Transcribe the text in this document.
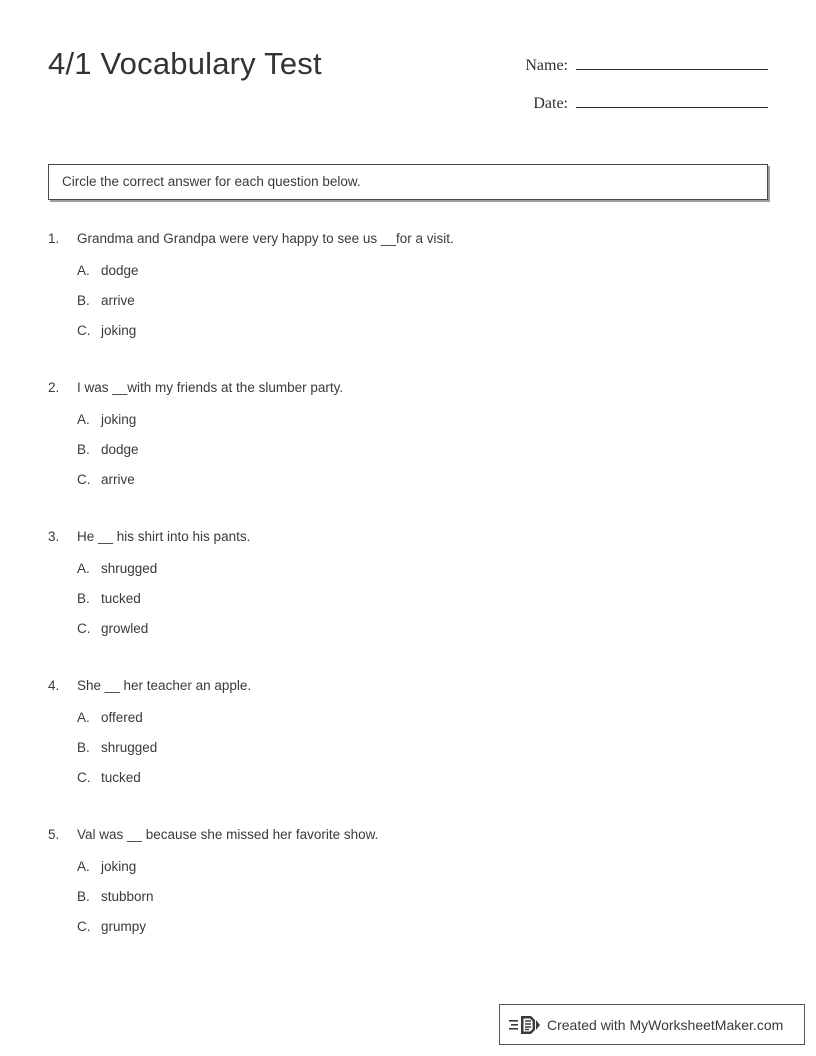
4/1 Vocabulary Test	Name:
Date:
Circle the correct answer for each question below.
1.	Grandma and Grandpa were very happy to see us __for a visit.
A. dodge
B. arrive
C. joking
2.	I was __with my friends at the slumber party.
A. joking
B. dodge
C. arrive
3.	He __ his shirt into his pants.
A. shrugged
B. tucked
C. growled
4.	She __ her teacher an apple.
A. offered
B. shrugged
C. tucked
5.	Val was __ because she missed her favorite show.
A. joking
B. stubborn
C. grumpy
Created with MyWorksheetMaker.com
